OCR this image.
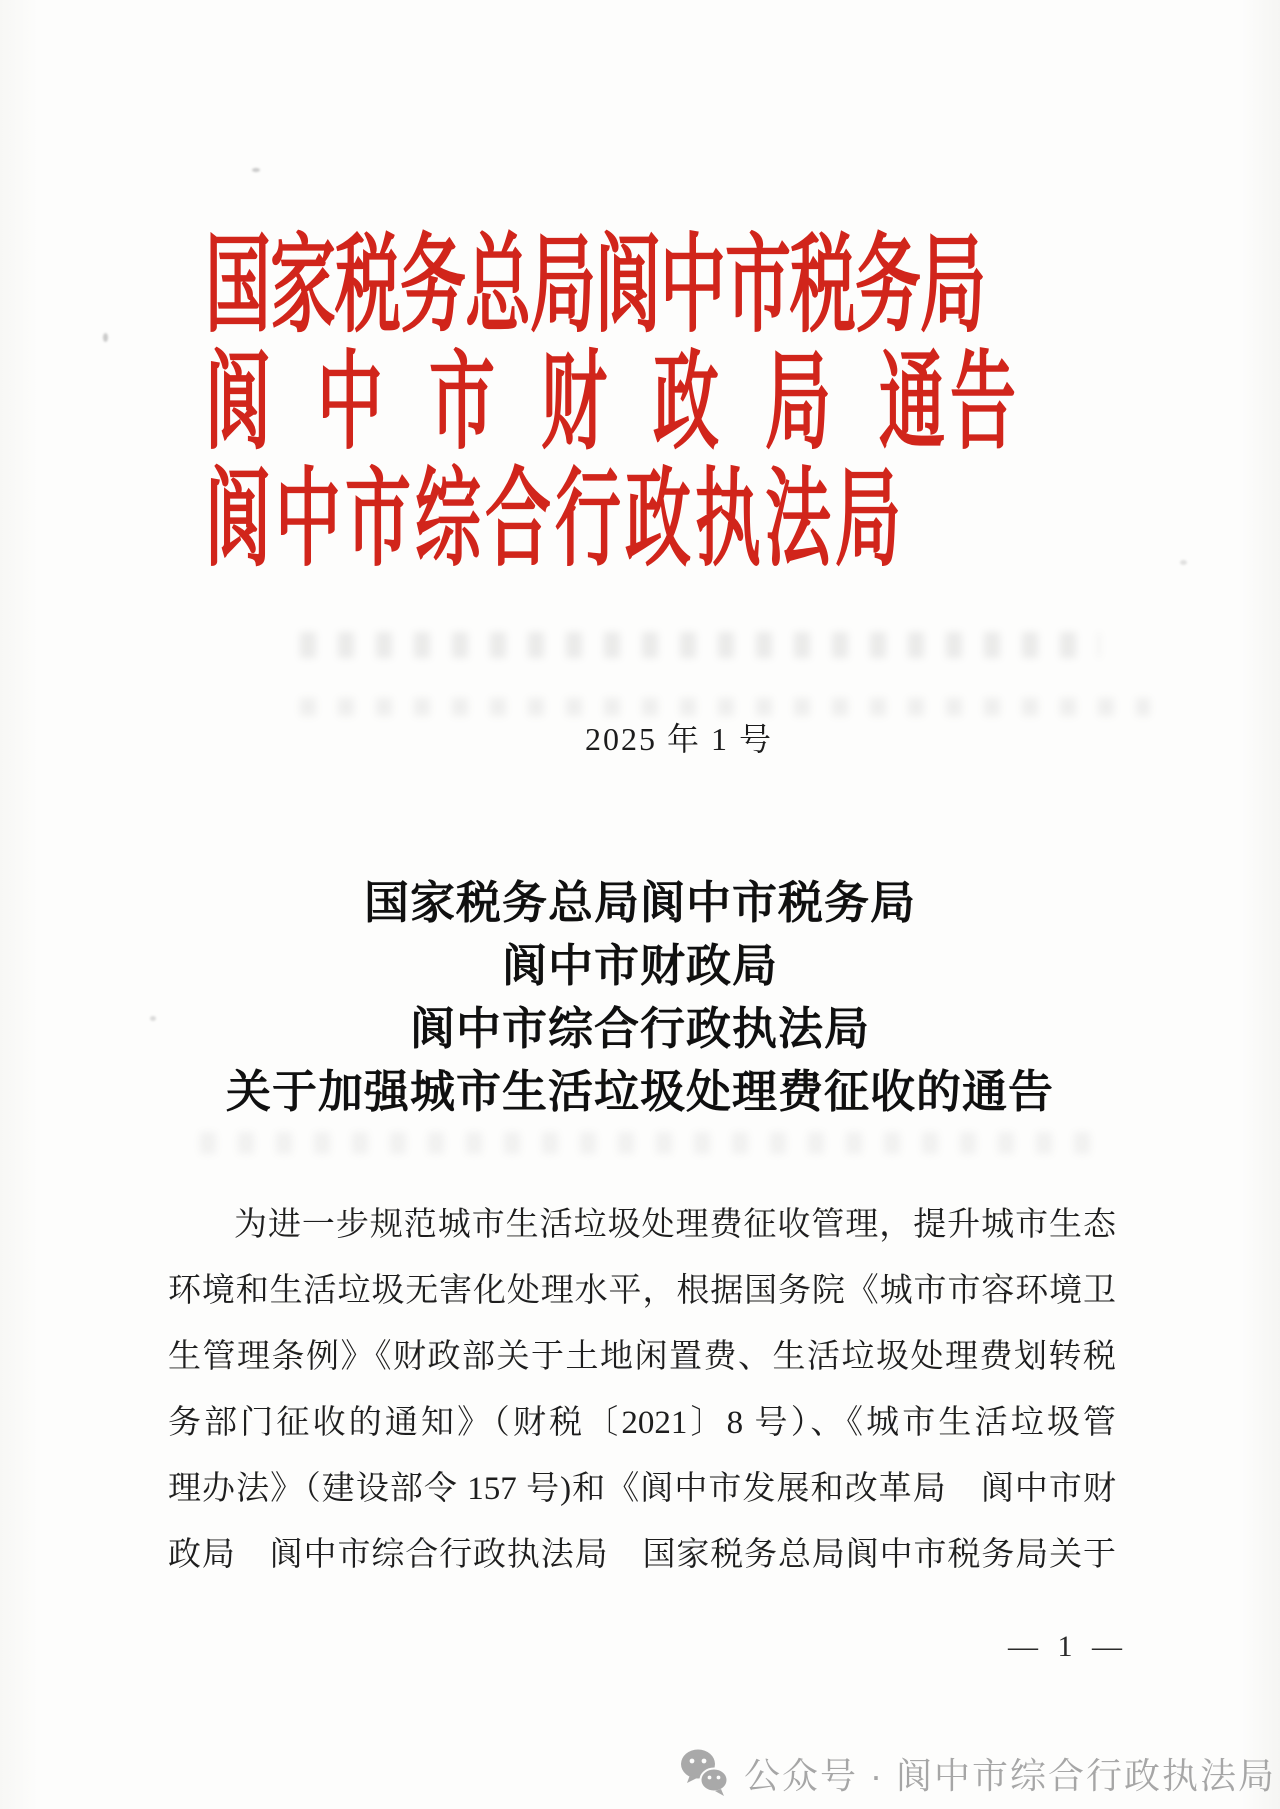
国家税务总局阆中市税务局
阆中市财政局通告
阆中市综合行政执法局
2025 年 1 号
国家税务总局阆中市税务局
阆中市财政局
阆中市综合行政执法局
关于加强城市生活垃圾处理费征收的通告
为进一步规范城市生活垃圾处理费征收管理，提升城市生态
环境和生活垃圾无害化处理水平，根据国务院《城市市容环境卫
生管理条例》《财政部关于土地闲置费、生活垃圾处理费划转税
务部门征收的通知》（财税〔2021〕8 号）、《城市生活垃圾管
理办法》（建设部令 157 号)和《阆中市发展和改革局　阆中市财
政局　阆中市综合行政执法局　国家税务总局阆中市税务局关于
— 1 —
公众号 · 阆中市综合行政执法局
